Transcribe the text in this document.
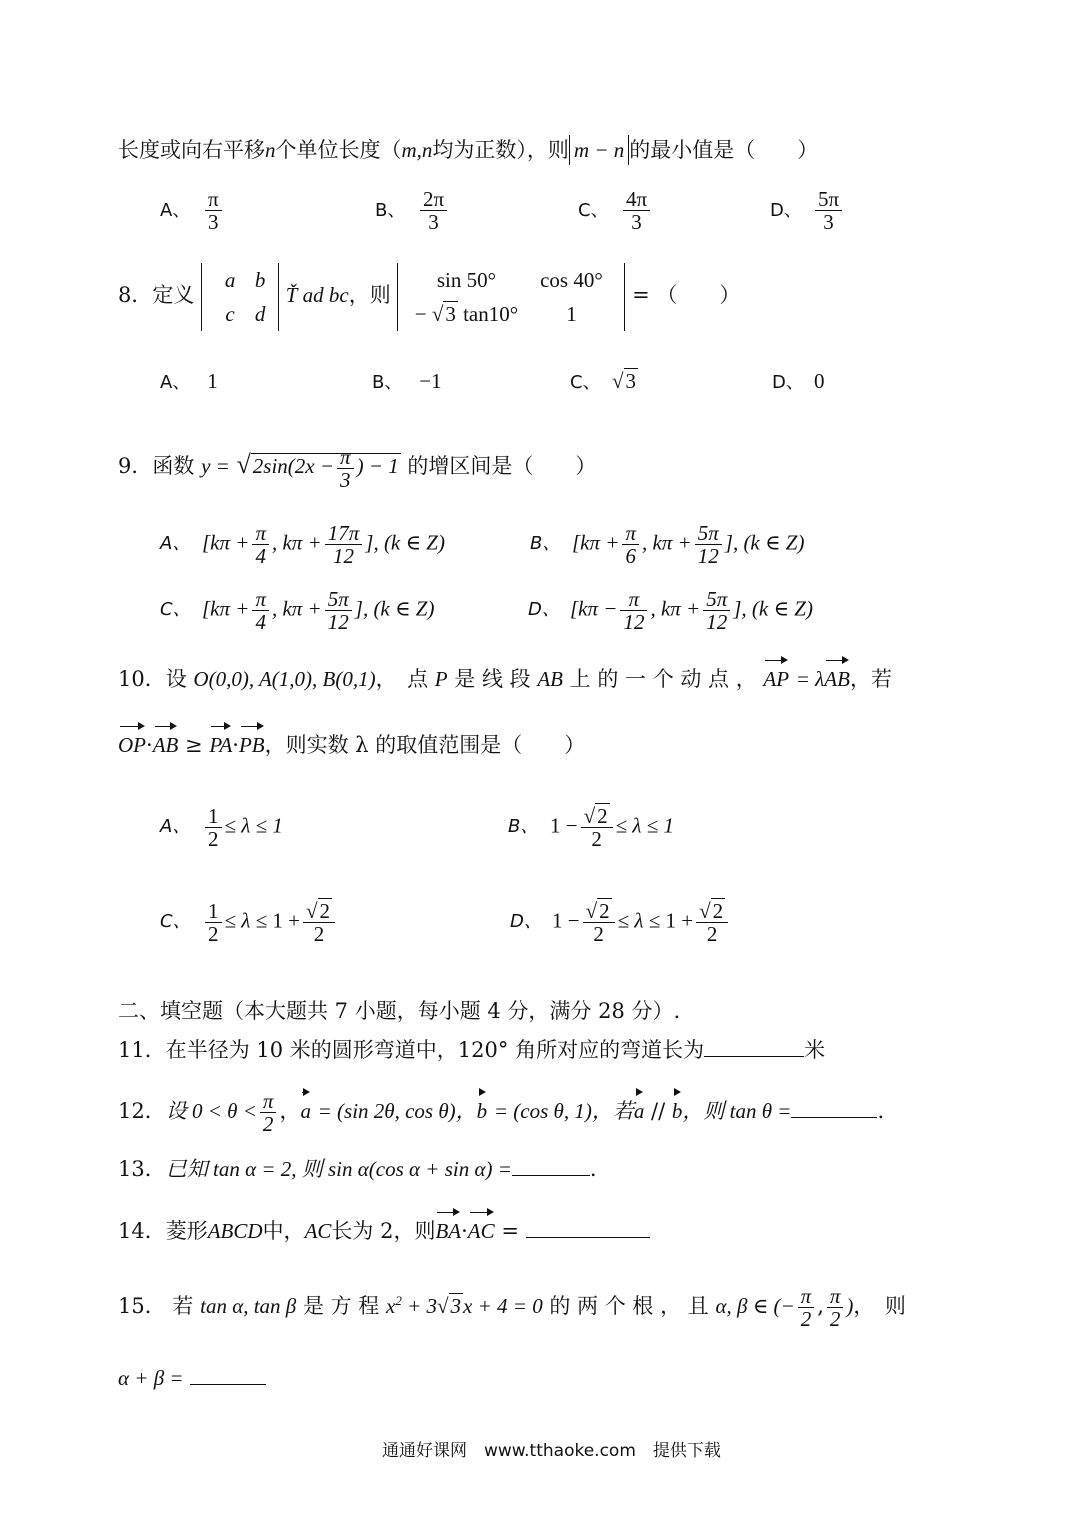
长度或向右平移n个单位长度（m,n均为正数），则 m − n 的最小值是（　　）
A、 $\frac{\pi}{3}$	B、 $\frac{2\pi}{3}$	C、 $\frac{4\pi}{3}$	D、 $\frac{5\pi}{3}$
8．定义
a b
c d
Ť ad bc，则
sin 50° cos 40°
− √3 tan10° 1
= （　　）
A、 1	B、 −1	C、 √3	D、 0
9．函数 $y = √2\sin(2x - \frac{\pi}{3}$ ) − 1 的增区间是（　　）
A、 [$k\pi + \frac{\pi}{4}$ , $k\pi + \frac{17\pi}{12}$ ], (k ∈ Z)	B、 [$k\pi + \frac{\pi}{6}$ , $k\pi + \frac{5\pi}{12}$ ], (k ∈ Z)
C、 [$k\pi + \frac{\pi}{4}$ , $k\pi + \frac{5\pi}{12}$ ], (k ∈ Z)	D、 [$k\pi - \frac{\pi}{12}$ , $k\pi + \frac{5\pi}{12}$ ], (k ∈ Z)
10．设 O(0,0), A(1,0), B(0,1)，　点 P 是 线 段 AB 上 的 一 个 动 点 ， AP = λAB，若
OP·AB ≥ PA·PB，则实数 λ 的取值范围是（　　）
A、 $\frac{1}{2} \le \lambda \le 1$	B、 $1 - \frac{√2}{2} \le \lambda \le 1$
C、 $\frac{1}{2} \le \lambda \le 1 + \frac{√2}{2}$	D、 $1 - \frac{√2}{2} \le \lambda \le 1 + \frac{√2}{2}$
二、填空题（本大题共 7 小题，每小题 4 分，满分 28 分）.
11．在半径为 10 米的圆形弯道中，120° 角所对应的弯道长为	米
12．设 $0 < \theta < \frac{\pi}{2}$ ，a = (sin 2θ, cos θ)，b = (cos θ, 1)，若a // b，则 tan θ =	.
13．已知 tan α = 2, 则 sin α(cos α + sin α) =	.
14．菱形ABCD中，AC长为 2，则BA·AC =
15． 若 tan α, tan β 是 方 程 $x^2 + 3√3x + 4 = 0$ 的 两 个 根 ， 且 α, β ∈ (− $\frac{\pi}{2}$ , $\frac{\pi}{2}$ )，　则
α + β =
通通好课网　www.tthaoke.com　提供下载
